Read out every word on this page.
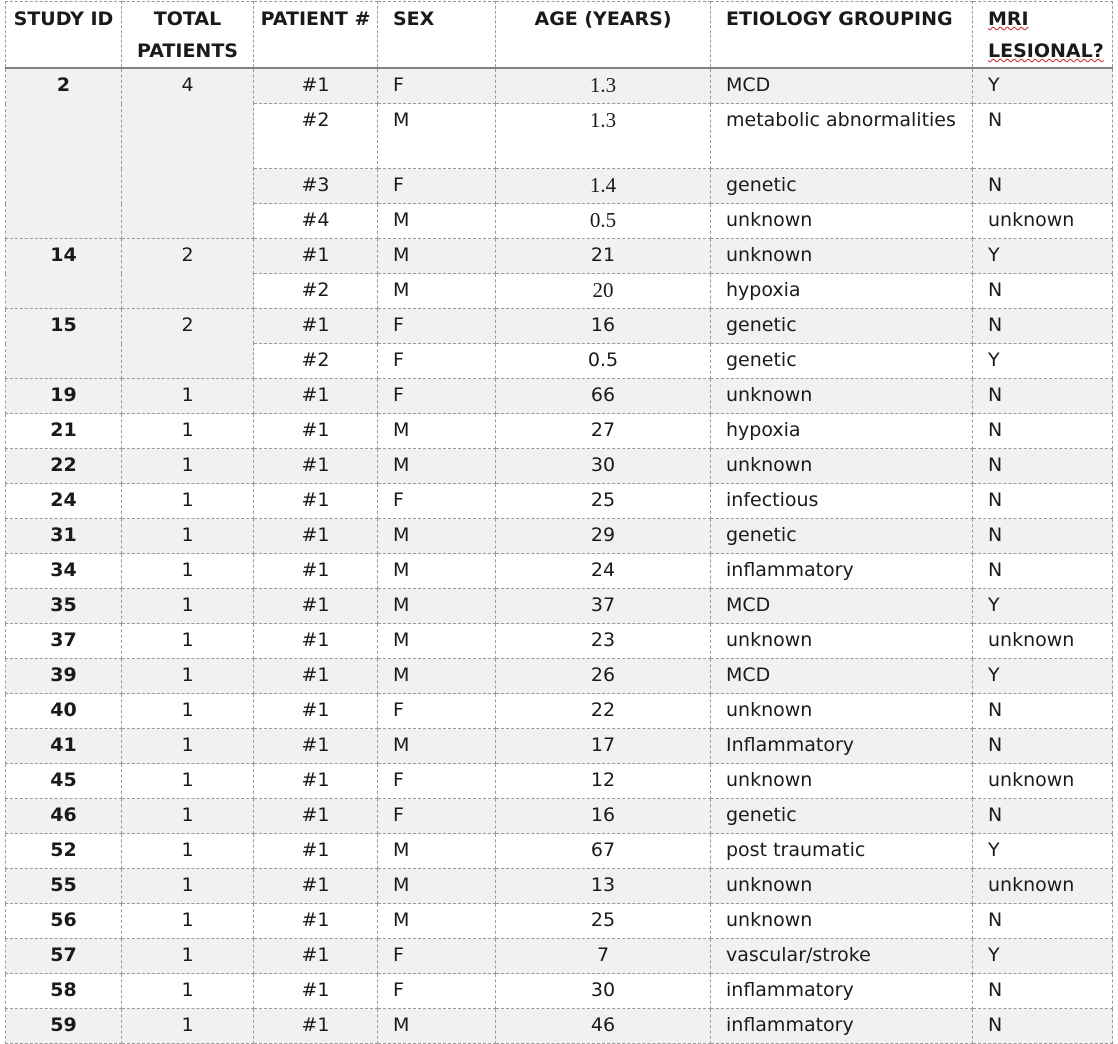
STUDY ID	TOTAL PATIENTS	PATIENT #	SEX	AGE (YEARS)	ETIOLOGY GROUPING	MRI LESIONAL?
2	4	#1	F	1.3	MCD	Y
		#2	M	1.3	metabolic abnormalities	N
		#3	F	1.4	genetic	N
		#4	M	0.5	unknown	unknown
14	2	#1	M	21	unknown	Y
		#2	M	20	hypoxia	N
15	2	#1	F	16	genetic	N
		#2	F	0.5	genetic	Y
19	1	#1	F	66	unknown	N
21	1	#1	M	27	hypoxia	N
22	1	#1	M	30	unknown	N
24	1	#1	F	25	infectious	N
31	1	#1	M	29	genetic	N
34	1	#1	M	24	inflammatory	N
35	1	#1	M	37	MCD	Y
37	1	#1	M	23	unknown	unknown
39	1	#1	M	26	MCD	Y
40	1	#1	F	22	unknown	N
41	1	#1	M	17	Inflammatory	N
45	1	#1	F	12	unknown	unknown
46	1	#1	F	16	genetic	N
52	1	#1	M	67	post traumatic	Y
55	1	#1	M	13	unknown	unknown
56	1	#1	M	25	unknown	N
57	1	#1	F	7	vascular/stroke	Y
58	1	#1	F	30	inflammatory	N
59	1	#1	M	46	inflammatory	N
